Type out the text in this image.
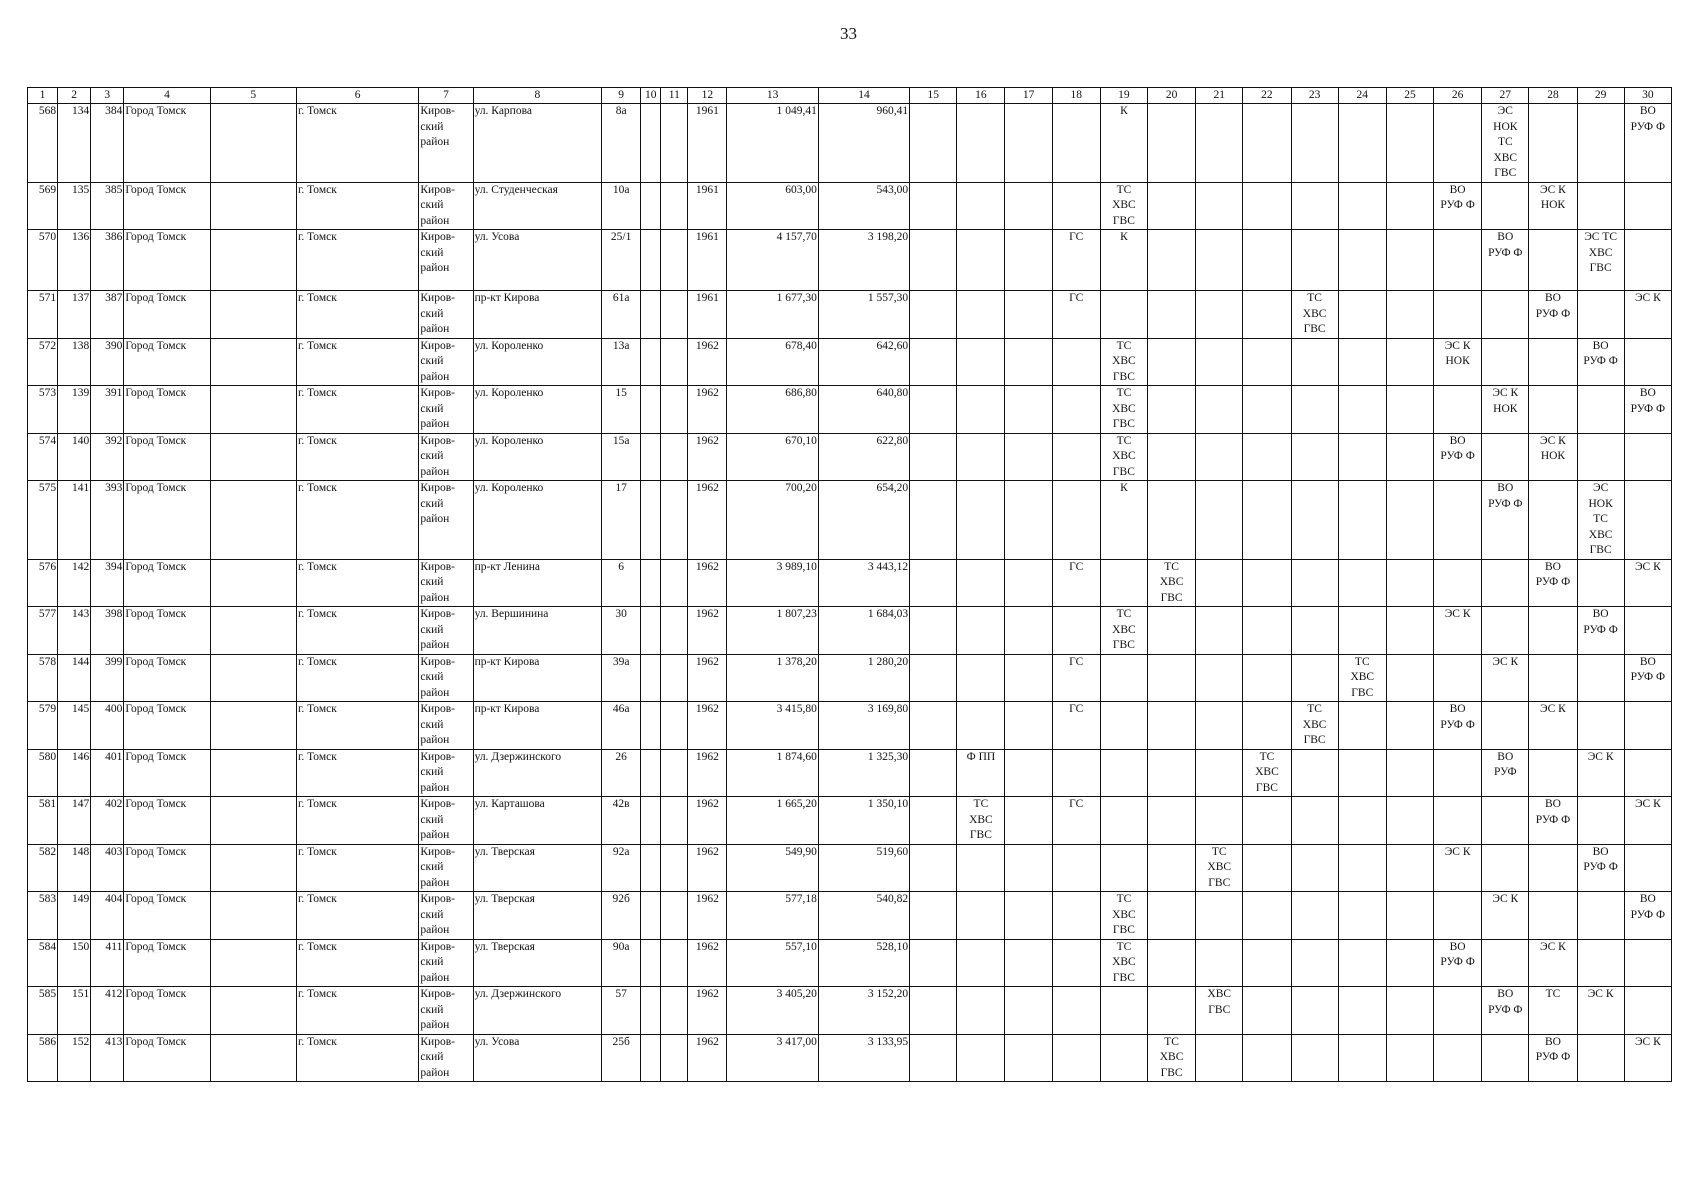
33
1	2	3	4	5	6	7	8	9	10	11	12	13	14	15	16	17	18	19	20	21	22	23	24	25	26	27	28	29	30
568	134	384	Город Томск		г. Томск	Киров-
ский
район	ул. Карпова	8а			1961	1 049,41	960,41					К								ЭС
НОК
ТС
ХВС
ГВС			ВО
РУФ Ф
569	135	385	Город Томск		г. Томск	Киров-
ский
район	ул. Студенческая	10а			1961	603,00	543,00					ТС
ХВС
ГВС							ВО
РУФ Ф		ЭС К
НОК		
570	136	386	Город Томск		г. Томск	Киров-
ский
район	ул. Усова	25/1			1961	4 157,70	3 198,20				ГС	К								ВО
РУФ Ф		ЭС ТС
ХВС
ГВС	
571	137	387	Город Томск		г. Томск	Киров-
ский
район	пр-кт Кирова	61а			1961	1 677,30	1 557,30				ГС					ТС
ХВС
ГВС					ВО
РУФ Ф		ЭС К
572	138	390	Город Томск		г. Томск	Киров-
ский
район	ул. Короленко	13а			1962	678,40	642,60					ТС
ХВС
ГВС							ЭС К
НОК			ВО
РУФ Ф	
573	139	391	Город Томск		г. Томск	Киров-
ский
район	ул. Короленко	15			1962	686,80	640,80					ТС
ХВС
ГВС								ЭС К
НОК			ВО
РУФ Ф
574	140	392	Город Томск		г. Томск	Киров-
ский
район	ул. Короленко	15а			1962	670,10	622,80					ТС
ХВС
ГВС							ВО
РУФ Ф		ЭС К
НОК		
575	141	393	Город Томск		г. Томск	Киров-
ский
район	ул. Короленко	17			1962	700,20	654,20					К								ВО
РУФ Ф		ЭС
НОК
ТС
ХВС
ГВС	
576	142	394	Город Томск		г. Томск	Киров-
ский
район	пр-кт Ленина	6			1962	3 989,10	3 443,12				ГС		ТС
ХВС
ГВС								ВО
РУФ Ф		ЭС К
577	143	398	Город Томск		г. Томск	Киров-
ский
район	ул. Вершинина	30			1962	1 807,23	1 684,03					ТС
ХВС
ГВС							ЭС К			ВО
РУФ Ф	
578	144	399	Город Томск		г. Томск	Киров-
ский
район	пр-кт Кирова	39а			1962	1 378,20	1 280,20				ГС						ТС
ХВС
ГВС			ЭС К			ВО
РУФ Ф
579	145	400	Город Томск		г. Томск	Киров-
ский
район	пр-кт Кирова	46а			1962	3 415,80	3 169,80				ГС					ТС
ХВС
ГВС			ВО
РУФ Ф		ЭС К		
580	146	401	Город Томск		г. Томск	Киров-
ский
район	ул. Дзержинского	26			1962	1 874,60	1 325,30		Ф ПП						ТС
ХВС
ГВС					ВО
РУФ		ЭС К	
581	147	402	Город Томск		г. Томск	Киров-
ский
район	ул. Карташова	42в			1962	1 665,20	1 350,10		ТС
ХВС
ГВС		ГС										ВО
РУФ Ф		ЭС К
582	148	403	Город Томск		г. Томск	Киров-
ский
район	ул. Тверская	92а			1962	549,90	519,60							ТС
ХВС
ГВС					ЭС К			ВО
РУФ Ф	
583	149	404	Город Томск		г. Томск	Киров-
ский
район	ул. Тверская	92б			1962	577,18	540,82					ТС
ХВС
ГВС								ЭС К			ВО
РУФ Ф
584	150	411	Город Томск		г. Томск	Киров-
ский
район	ул. Тверская	90а			1962	557,10	528,10					ТС
ХВС
ГВС							ВО
РУФ Ф		ЭС К		
585	151	412	Город Томск		г. Томск	Киров-
ский
район	ул. Дзержинского	57			1962	3 405,20	3 152,20							ХВС
ГВС						ВО
РУФ Ф	ТС	ЭС К	
586	152	413	Город Томск		г. Томск	Киров-
ский
район	ул. Усова	25б			1962	3 417,00	3 133,95						ТС
ХВС
ГВС								ВО
РУФ Ф		ЭС К
